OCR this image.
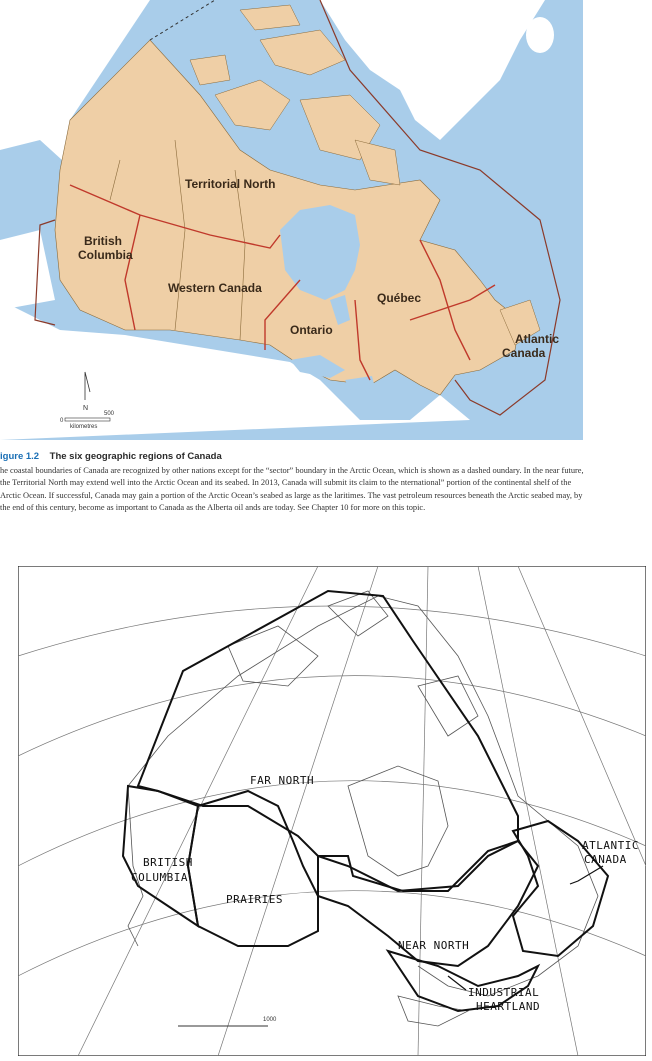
Territorial North
British
Columbia
Western Canada
Ontario
Québec
Atlantic
Canada
N
0
kilometres
500
igure 1.2 The six geographic regions of Canada
he coastal boundaries of Canada are recognized by other nations except for the “sector” boundary in the Arctic Ocean, which is shown as a dashed oundary. In the near future, the Territorial North may extend well into the Arctic Ocean and its seabed. In 2013, Canada will submit its claim to the nternational” portion of the continental shelf of the Arctic Ocean. If successful, Canada may gain a portion of the Arctic Ocean’s seabed as large as the laritimes. The vast petroleum resources beneath the Arctic seabed may, by the end of this century, become as important to Canada as the Alberta oil ands are today. See Chapter 10 for more on this topic.
FAR NORTH
BRITISH
COLUMBIA
PRAIRIES
NEAR NORTH
INDUSTRIAL
HEARTLAND
ATLANTIC
CANADA
1000
